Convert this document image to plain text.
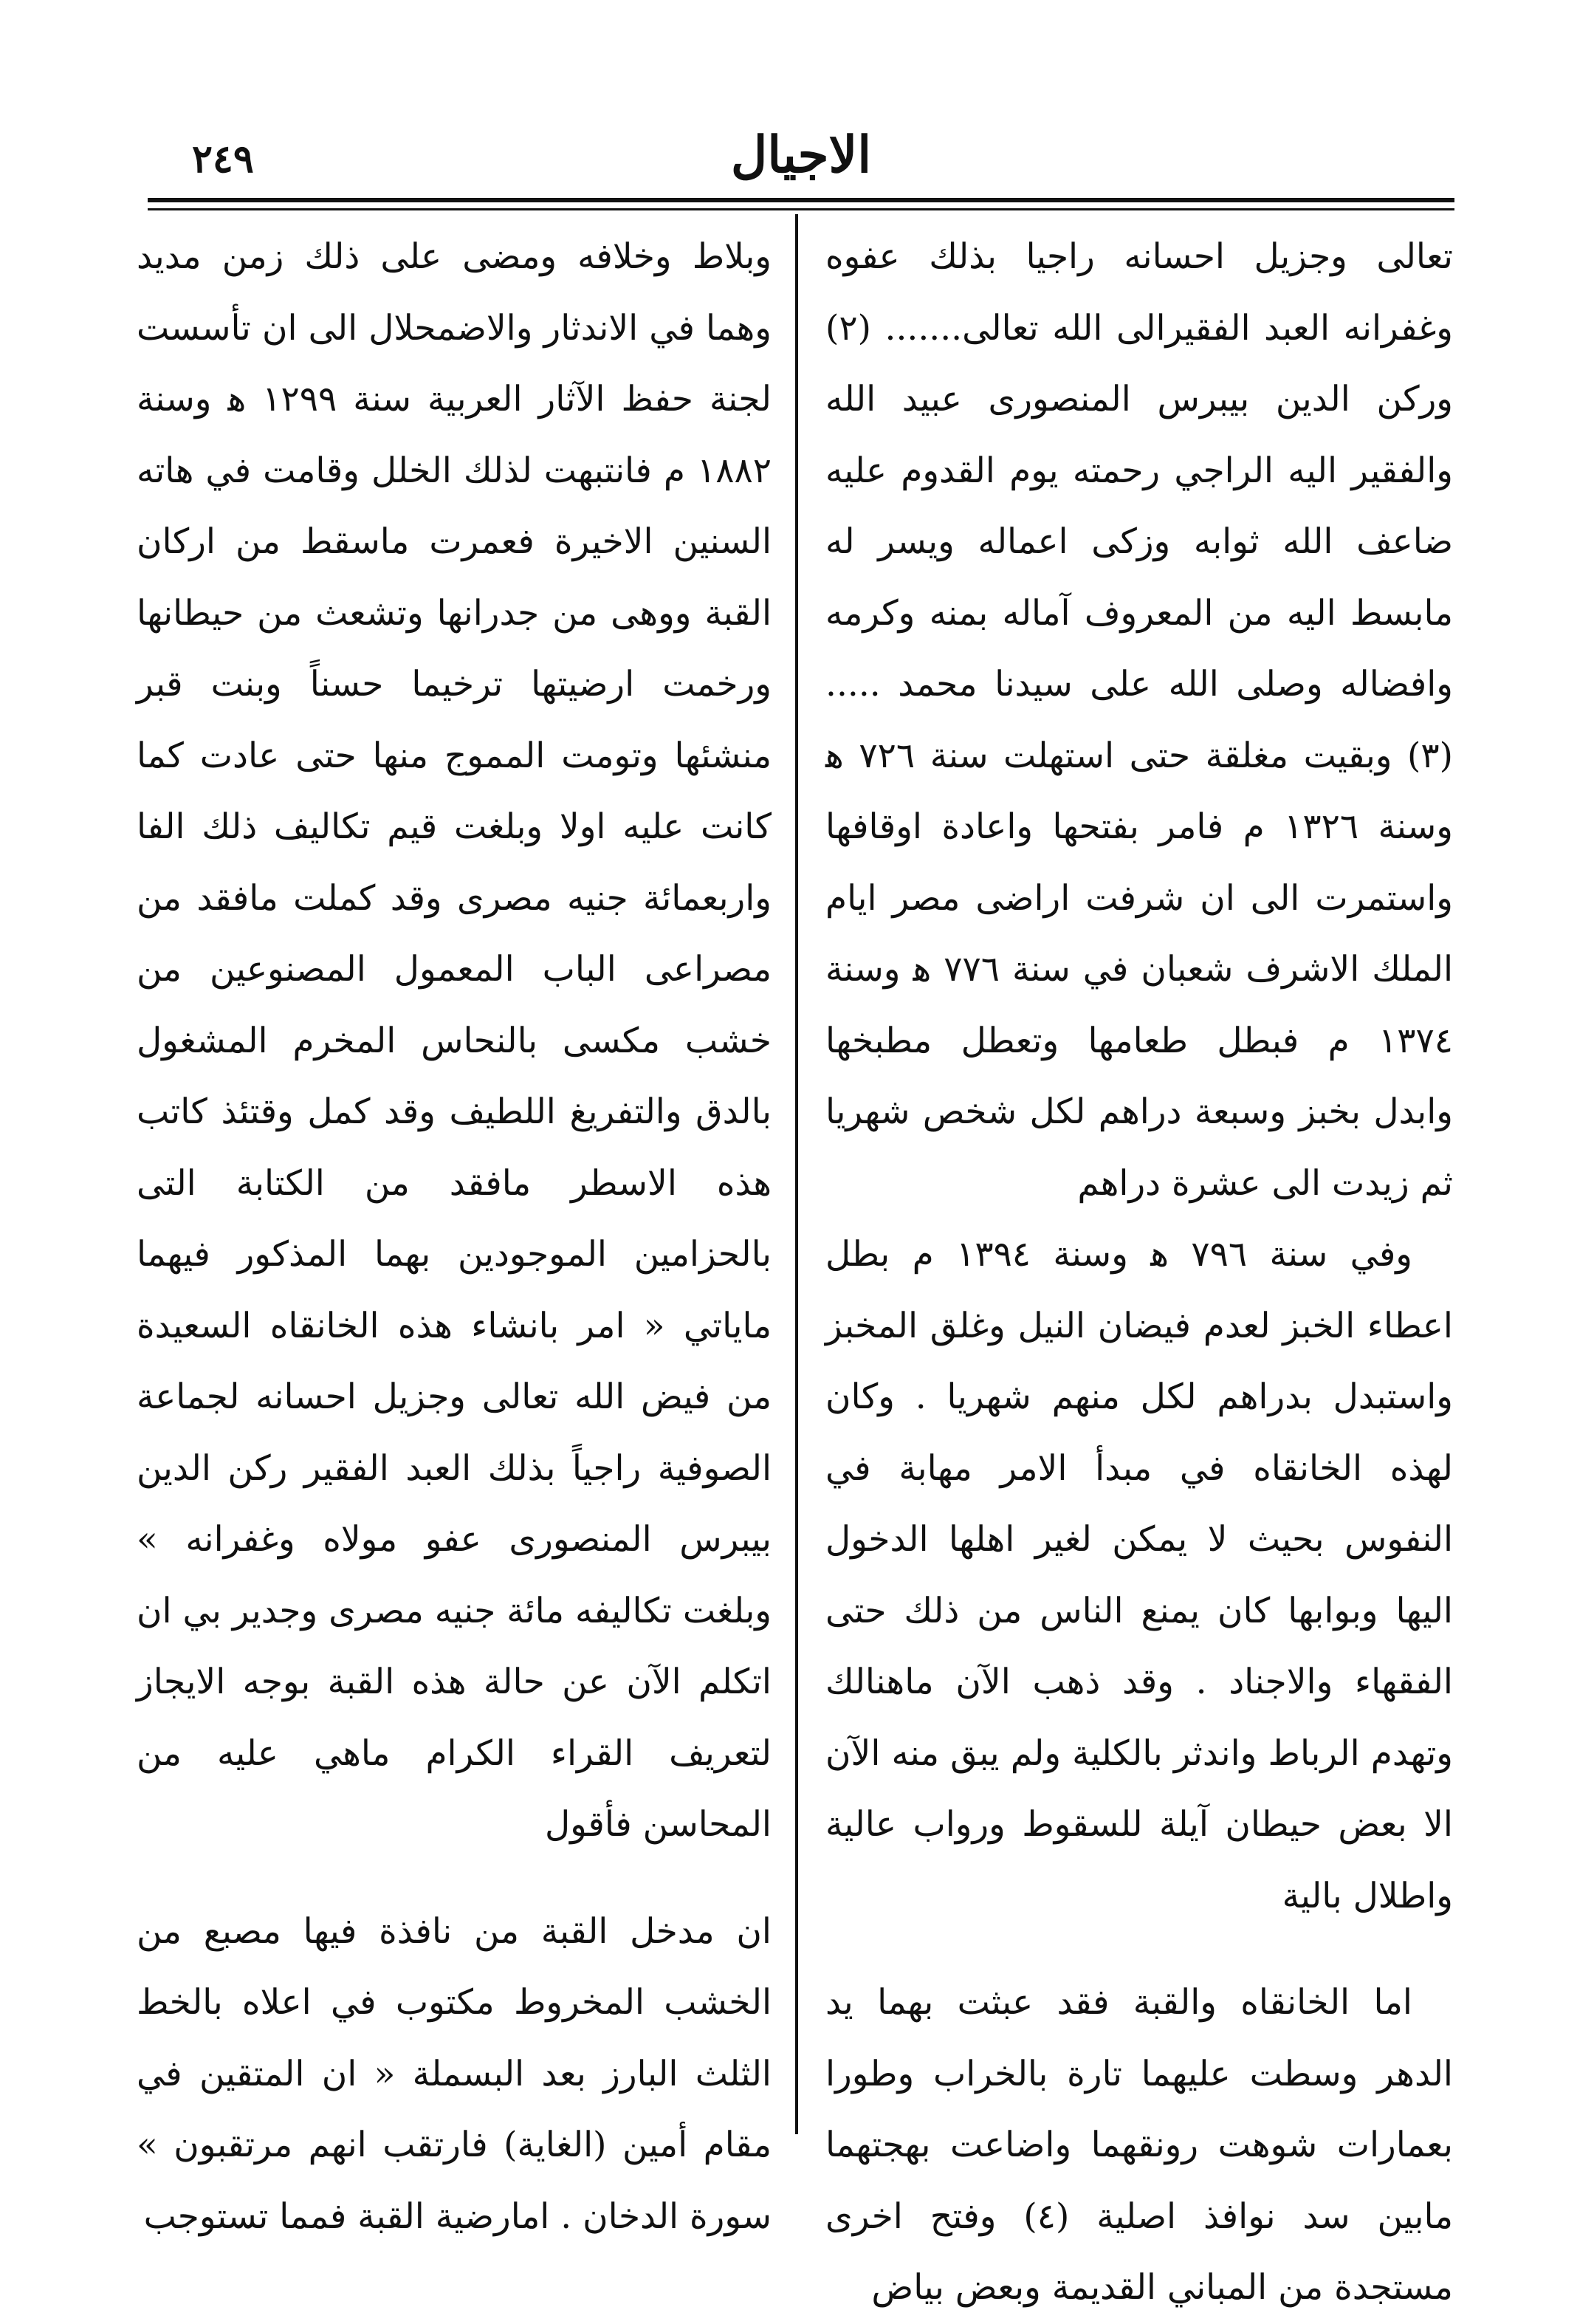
الاجيال
٢٤٩

تعالى وجزيل احسانه راجيا بذلك عفوه وغفرانه العبد الفقيرالى الله تعالى....... (٢) وركن الدين بيبرس المنصورى عبيد الله والفقير اليه الراجي رحمته يوم القدوم عليه ضاعف الله ثوابه وزكى اعماله ويسر له مابسط اليه من المعروف آماله بمنه وكرمه وافضاله وصلى الله على سيدنا محمد ..... (٣) وبقيت مغلقة حتى استهلت سنة ٧٢٦ ﻫ وسنة ١٣٢٦ م فامر بفتحها واعادة اوقافها واستمرت الى ان شرفت اراضى مصر ايام الملك الاشرف شعبان في سنة ٧٧٦ ﻫ وسنة ١٣٧٤ م فبطل طعامها وتعطل مطبخها وابدل بخبز وسبعة دراهم لكل شخص شهريا ثم زيدت الى عشرة دراهم

وفي سنة ٧٩٦ ﻫ وسنة ١٣٩٤ م بطل اعطاء الخبز لعدم فيضان النيل وغلق المخبز واستبدل بدراهم لكل منهم شهريا . وكان لهذه الخانقاه في مبدأ الامر مهابة في النفوس بحيث لا يمكن لغير اهلها الدخول اليها وبوابها كان يمنع الناس من ذلك حتى الفقهاء والاجناد . وقد ذهب الآن ماهنالك وتهدم الرباط واندثر بالكلية ولم يبق منه الآن الا بعض حيطان آيلة للسقوط ورواب عالية واطلال بالية

اما الخانقاه والقبة فقد عبثت بهما يد الدهر وسطت عليهما تارة بالخراب وطورا بعمارات شوهت رونقهما واضاعت بهجتهما مابين سد نوافذ اصلية (٤) وفتح اخرى مستجدة من المباني القديمة وبعض بياض

وبلاط وخلافه ومضى على ذلك زمن مديد وهما في الاندثار والاضمحلال الى ان تأسست لجنة حفظ الآثار العربية سنة ١٢٩٩ ﻫ وسنة ١٨٨٢ م فانتبهت لذلك الخلل وقامت في هاته السنين الاخيرة فعمرت ماسقط من اركان القبة ووهى من جدرانها وتشعث من حيطانها ورخمت ارضيتها ترخيما حسناً وبنت قبر منشئها وتومت المموج منها حتى عادت كما كانت عليه اولا وبلغت قيم تكاليف ذلك الفا واربعمائة جنيه مصرى وقد كملت مافقد من مصراعى الباب المعمول المصنوعين من خشب مكسى بالنحاس المخرم المشغول بالدق والتفريغ اللطيف وقد كمل وقتئذ كاتب هذه الاسطر مافقد من الكتابة التى بالحزامين الموجودين بهما المذكور فيهما ماياتي « امر بانشاء هذه الخانقاه السعيدة من فيض الله تعالى وجزيل احسانه لجماعة الصوفية راجياً بذلك العبد الفقير ركن الدين بيبرس المنصورى عفو مولاه وغفرانه » وبلغت تكاليفه مائة جنيه مصرى وجدير بي ان اتكلم الآن عن حالة هذه القبة بوجه الايجاز لتعريف القراء الكرام ماهي عليه من المحاسن فأقول

ان مدخل القبة من نافذة فيها مصبع من الخشب المخروط مكتوب في اعلاه بالخط الثلث البارز بعد البسملة « ان المتقين في مقام أمين (الغاية) فارتقب انهم مرتقبون » سورة الدخان . امارضية القبة فمما تستوجب
